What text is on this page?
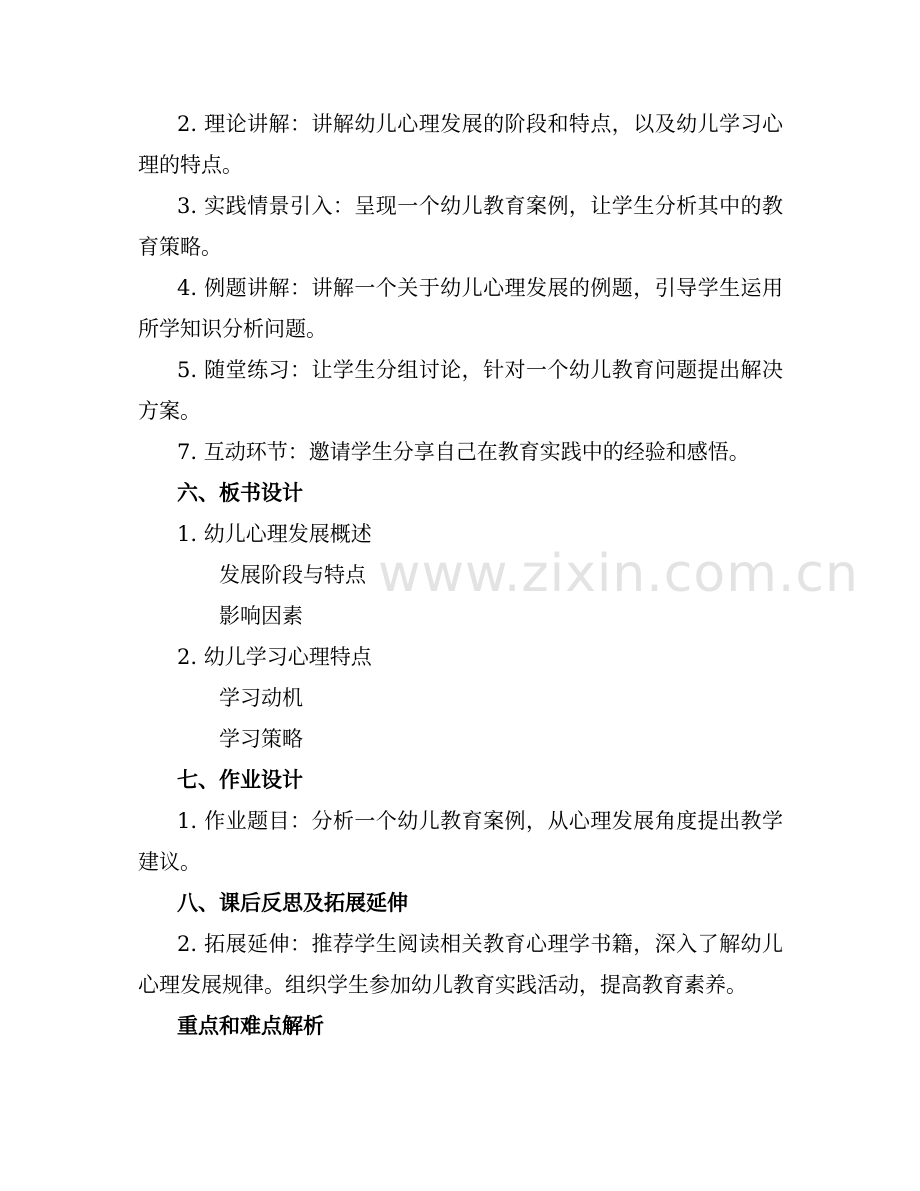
www.zixin.com.cn
2. 理论讲解：讲解幼儿心理发展的阶段和特点，以及幼儿学习心理的特点。
3. 实践情景引入：呈现一个幼儿教育案例，让学生分析其中的教育策略。
4. 例题讲解：讲解一个关于幼儿心理发展的例题，引导学生运用所学知识分析问题。
5. 随堂练习：让学生分组讨论，针对一个幼儿教育问题提出解决方案。
7. 互动环节：邀请学生分享自己在教育实践中的经验和感悟。
六、板书设计
1. 幼儿心理发展概述
发展阶段与特点
影响因素
2. 幼儿学习心理特点
学习动机
学习策略
七、作业设计
1. 作业题目：分析一个幼儿教育案例，从心理发展角度提出教学建议。
八、课后反思及拓展延伸
2. 拓展延伸：推荐学生阅读相关教育心理学书籍，深入了解幼儿心理发展规律。组织学生参加幼儿教育实践活动，提高教育素养。
重点和难点解析
